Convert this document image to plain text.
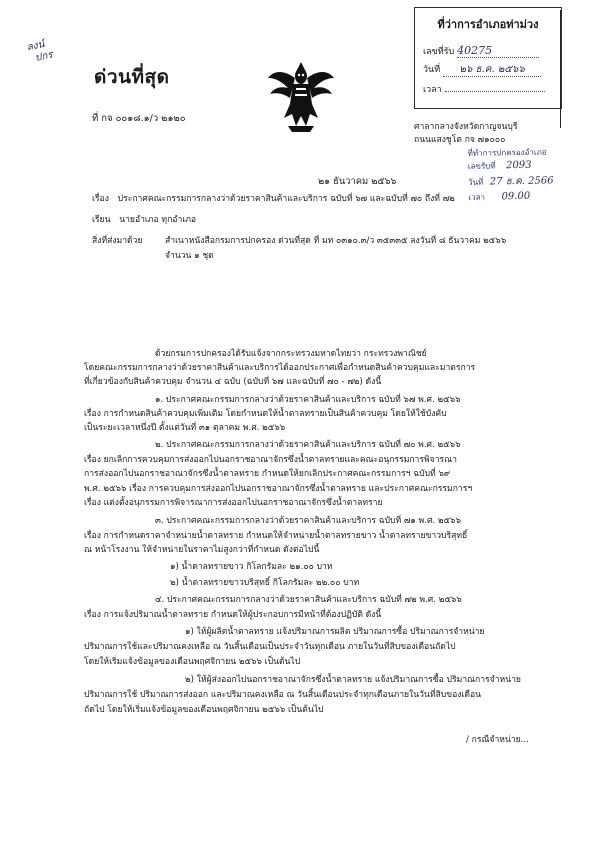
ลงน์
ปกร
ด่วนที่สุด
ที่ กจ ๐๐๑๘.๑/ว ๒๑๒๐
ที่ว่าการอำเภอท่าม่วง
เลขที่รับ 40275
วันที่ ๒๖ ธ.ค. ๒๕๖๖
เวลา
ศาลากลางจังหวัดกาญจนบุรี
ถนนแสงชูโต กจ ๗๑๐๐๐
ที่ทำการปกครองอำเภอ
เลขรับที่ 2093
วันที่ 27 ธ.ค. 2566
เวลา 09.00
๒๑ ธันวาคม ๒๕๖๖
เรื่อง ประกาศคณะกรรมการกลางว่าด้วยราคาสินค้าและบริการ ฉบับที่ ๖๗ และฉบับที่ ๗๐ ถึงที่ ๗๒
เรียน นายอำเภอ ทุกอำเภอ
สิ่งที่ส่งมาด้วย	สำเนาหนังสือกรมการปกครอง ด่วนที่สุด ที่ มท ๐๓๑๐.๓/ว ๓๕๓๓๕ ลงวันที่ ๘ ธันวาคม ๒๕๖๖
จำนวน ๑ ชุด
ด้วยกรมการปกครองได้รับแจ้งจากกระทรวงมหาดไทยว่า กระทรวงพาณิชย์
โดยคณะกรรมการกลางว่าด้วยราคาสินค้าและบริการได้ออกประกาศเพื่อกำหนดสินค้าควบคุมและมาตรการ
ที่เกี่ยวข้องกับสินค้าควบคุม จำนวน ๔ ฉบับ (ฉบับที่ ๖๗ และฉบับที่ ๗๐ - ๗๒) ดังนี้
๑. ประกาศคณะกรรมการกลางว่าด้วยราคาสินค้าและบริการ ฉบับที่ ๖๗ พ.ศ. ๒๕๖๖
เรื่อง การกำหนดสินค้าควบคุมเพิ่มเติม โดยกำหนดให้น้ำตาลทรายเป็นสินค้าควบคุม โดยให้ใช้บังคับ
เป็นระยะเวลาหนึ่งปี ตั้งแต่วันที่ ๓๑ ตุลาคม พ.ศ. ๒๕๖๖
๒. ประกาศคณะกรรมการกลางว่าด้วยราคาสินค้าและบริการ ฉบับที่ ๗๐ พ.ศ. ๒๕๖๖
เรื่อง ยกเลิกการควบคุมการส่งออกไปนอกราชอาณาจักรซึ่งน้ำตาลทรายและคณะอนุกรรมการพิจารณา
การส่งออกไปนอกราชอาณาจักรซึ่งน้ำตาลทราย กำหนดให้ยกเลิกประกาศคณะกรรมการฯ ฉบับที่ ๖๙
พ.ศ. ๒๕๖๖ เรื่อง การควบคุมการส่งออกไปนอกราชอาณาจักรซึ่งน้ำตาลทราย และประกาศคณะกรรมการฯ
เรื่อง แต่งตั้งอนุกรรมการพิจารณาการส่งออกไปนอกราชอาณาจักรซึ่งน้ำตาลทราย
๓. ประกาศคณะกรรมการกลางว่าด้วยราคาสินค้าและบริการ ฉบับที่ ๗๑ พ.ศ. ๒๕๖๖
เรื่อง การกำหนดราคาจำหน่ายน้ำตาลทราย กำหนดให้จำหน่ายน้ำตาลทรายขาว น้ำตาลทรายขาวบริสุทธิ์
ณ หน้าโรงงาน ให้จำหน่ายในราคาไม่สูงกว่าที่กำหนด ดังต่อไปนี้
๑) น้ำตาลทรายขาว กิโลกรัมละ ๒๑.๐๐ บาท
๒) น้ำตาลทรายขาวบริสุทธิ์ กิโลกรัมละ ๒๒.๐๐ บาท
๔. ประกาศคณะกรรมการกลางว่าด้วยราคาสินค้าและบริการ ฉบับที่ ๗๒ พ.ศ. ๒๕๖๖
เรื่อง การแจ้งปริมาณน้ำตาลทราย กำหนดให้ผู้ประกอบการมีหน้าที่ต้องปฏิบัติ ดังนี้
๑) ให้ผู้ผลิตน้ำตาลทราย แจ้งปริมาณการผลิต ปริมาณการซื้อ ปริมาณการจำหน่าย
ปริมาณการใช้และปริมาณคงเหลือ ณ วันสิ้นเดือนเป็นประจำวันทุกเดือน ภายในวันที่สิบของเดือนถัดไป
โดยให้เริ่มแจ้งข้อมูลของเดือนพฤศจิกายน ๒๕๖๖ เป็นต้นไป
๒) ให้ผู้ส่งออกไปนอกราชอาณาจักรซึ่งน้ำตาลทราย แจ้งปริมาณการซื้อ ปริมาณการจำหน่าย
ปริมาณการใช้ ปริมาณการส่งออก และปริมาณคงเหลือ ณ วันสิ้นเดือนประจำทุกเดือนภายในวันที่สิบของเดือน
ถัดไป โดยให้เริ่มแจ้งข้อมูลของเดือนพฤศจิกายน ๒๕๖๖ เป็นต้นไป
/ กรณีจำหน่าย...
